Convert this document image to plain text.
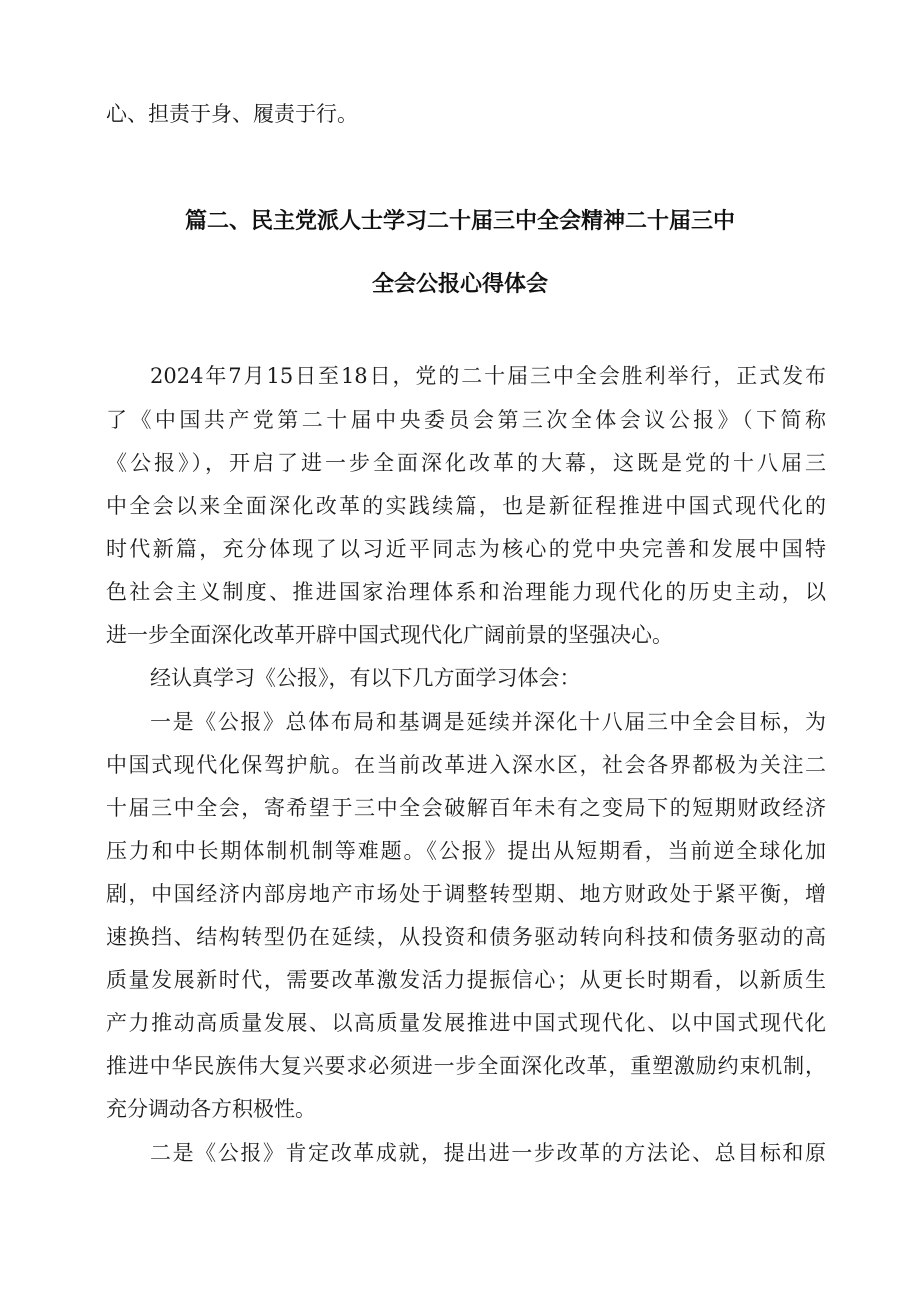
心、担责于身、履责于行。
篇二、民主党派人士学习二十届三中全会精神二十届三中
全会公报心得体会
2024年7月15日至18日，党的二十届三中全会胜利举行，正式发布
了《中国共产党第二十届中央委员会第三次全体会议公报》（下简称
《公报》），开启了进一步全面深化改革的大幕，这既是党的十八届三
中全会以来全面深化改革的实践续篇，也是新征程推进中国式现代化的
时代新篇，充分体现了以习近平同志为核心的党中央完善和发展中国特
色社会主义制度、推进国家治理体系和治理能力现代化的历史主动，以
进一步全面深化改革开辟中国式现代化广阔前景的坚强决心。
经认真学习《公报》，有以下几方面学习体会：
一是《公报》总体布局和基调是延续并深化十八届三中全会目标，为
中国式现代化保驾护航。在当前改革进入深水区，社会各界都极为关注二
十届三中全会，寄希望于三中全会破解百年未有之变局下的短期财政经济
压力和中长期体制机制等难题。《公报》提出从短期看，当前逆全球化加
剧，中国经济内部房地产市场处于调整转型期、地方财政处于紧平衡，增
速换挡、结构转型仍在延续，从投资和债务驱动转向科技和债务驱动的高
质量发展新时代，需要改革激发活力提振信心；从更长时期看，以新质生
产力推动高质量发展、以高质量发展推进中国式现代化、以中国式现代化
推进中华民族伟大复兴要求必须进一步全面深化改革，重塑激励约束机制，
充分调动各方积极性。
二是《公报》肯定改革成就，提出进一步改革的方法论、总目标和原
